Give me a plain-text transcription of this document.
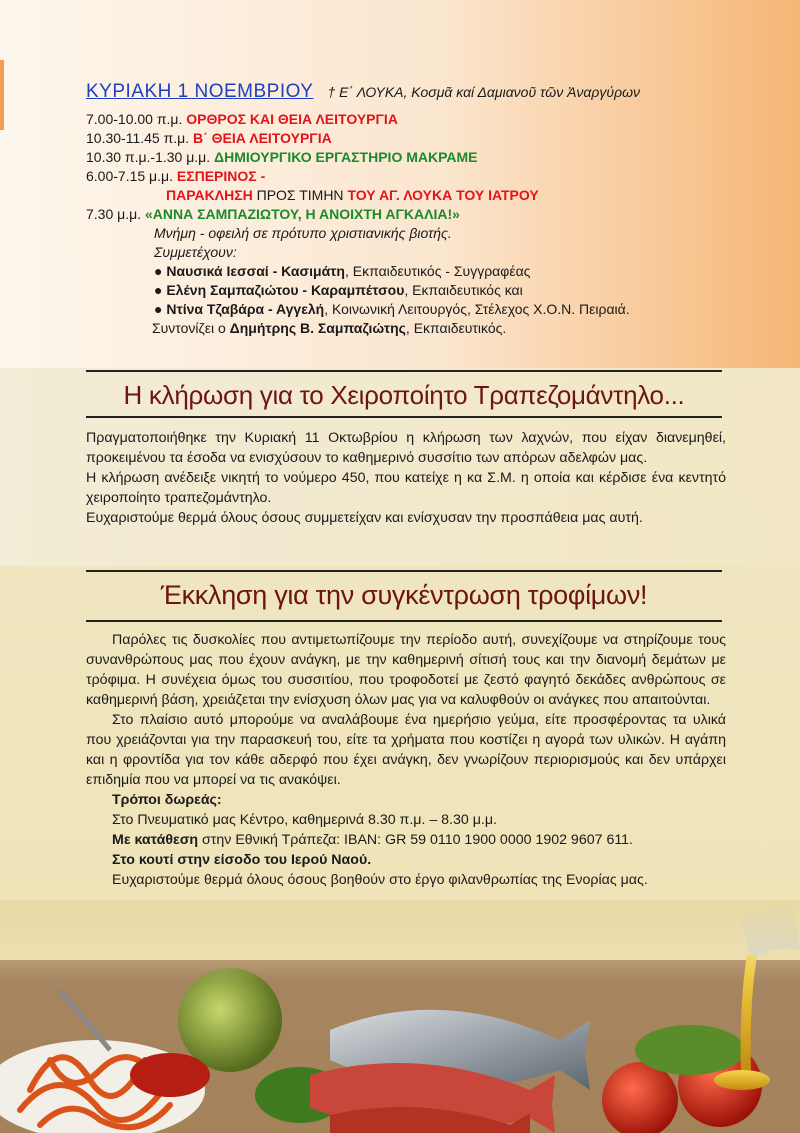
ΚΥΡΙΑΚΗ 1 ΝΟΕΜΒΡΙΟΥ † Ε΄ ΛΟΥΚΑ, Κοσμᾶ καί Δαμιανοῦ τῶν Ἀναργύρων
7.00-10.00 π.μ. ΟΡΘΡΟΣ ΚΑΙ ΘΕΙΑ ΛΕΙΤΟΥΡΓΙΑ
10.30-11.45 π.μ. Β΄ ΘΕΙΑ ΛΕΙΤΟΥΡΓΙΑ
10.30 π.μ.-1.30 μ.μ. ΔΗΜΙΟΥΡΓΙΚΟ ΕΡΓΑΣΤΗΡΙΟ ΜΑΚΡΑΜΕ
6.00-7.15 μ.μ. ΕΣΠΕΡΙΝΟΣ -
ΠΑΡΑΚΛΗΣΗ ΠΡΟΣ ΤΙΜΗΝ ΤΟΥ ΑΓ. ΛΟΥΚΑ ΤΟΥ ΙΑΤΡΟΥ
7.30 μ.μ. «ΑΝΝΑ ΣΑΜΠΑΖΙΩΤΟΥ, Η ΑΝΟΙΧΤΗ ΑΓΚΑΛΙΑ!»
Μνήμη - οφειλή σε πρότυπο χριστιανικής βιοτής.
Συμμετέχουν:
● Ναυσικά Ιεσσαί - Κασιμάτη, Εκπαιδευτικός - Συγγραφέας
● Ελένη Σαμπαζιώτου - Καραμπέτσου, Εκπαιδευτικός και
● Ντίνα Τζαβάρα - Αγγελή, Κοινωνική Λειτουργός, Στέλεχος Χ.Ο.Ν. Πειραιά.
Συντονίζει ο Δημήτρης Β. Σαμπαζιώτης, Εκπαιδευτικός.
Η κλήρωση για το Χειροποίητο Τραπεζομάντηλο...

Πραγματοποιήθηκε την Κυριακή 11 Οκτωβρίου η κλήρωση των λαχνών, που είχαν διανεμηθεί, προκειμένου τα έσοδα να ενισχύσουν το καθημερινό συσσίτιο των απόρων αδελφών μας.

Η κλήρωση ανέδειξε νικητή το νούμερο 450, που κατείχε η κα Σ.Μ. η οποία και κέρδισε ένα κεντητό χειροποίητο τραπεζομάντηλο.

Ευχαριστούμε θερμά όλους όσους συμμετείχαν και ενίσχυσαν την προσπάθεια μας αυτή.

Έκκληση για την συγκέντρωση τροφίμων!

Παρόλες τις δυσκολίες που αντιμετωπίζουμε την περίοδο αυτή, συνεχίζουμε να στηρίζουμε τους συνανθρώπους μας που έχουν ανάγκη, με την καθημερινή σίτισή τους και την διανομή δεμάτων με τρόφιμα. Η συνέχεια όμως του συσσιτίου, που τροφοδοτεί με ζεστό φαγητό δεκάδες ανθρώπους σε καθημερινή βάση, χρειάζεται την ενίσχυση όλων μας για να καλυφθούν οι ανάγκες που απαιτούνται.

Στο πλαίσιο αυτό μπορούμε να αναλάβουμε ένα ημερήσιο γεύμα, είτε προσφέροντας τα υλικά που χρειάζονται για την παρασκευή του, είτε τα χρήματα που κοστίζει η αγορά των υλικών. Η αγάπη και η φροντίδα για τον κάθε αδερφό που έχει ανάγκη, δεν γνωρίζουν περιορισμούς και δεν υπάρχει επιδημία που να μπορεί να τις ανακόψει.

Τρόποι δωρεάς:

Στο Πνευματικό μας Κέντρο, καθημερινά 8.30 π.μ. – 8.30 μ.μ.

Με κατάθεση στην Εθνική Τράπεζα: IBAN: GR 59 0110 1900 0000 1902 9607 611.

Στο κουτί στην είσοδο του Ιερού Ναού.

Ευχαριστούμε θερμά όλους όσους βοηθούν στο έργο φιλανθρωπίας της Ενορίας μας.
